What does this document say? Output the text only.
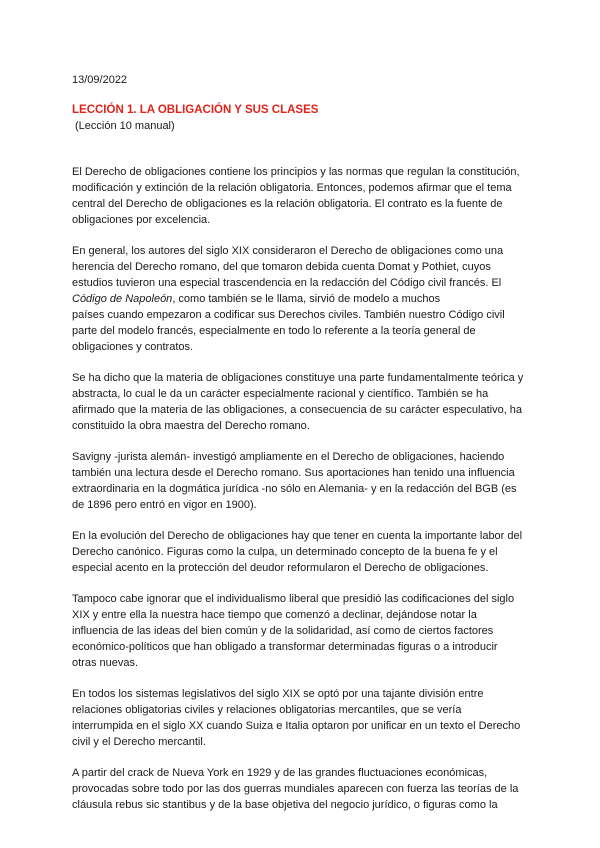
13/09/2022

LECCIÓN 1. LA OBLIGACIÓN Y SUS CLASES

(Lección 10 manual)

El Derecho de obligaciones contiene los principios y las normas que regulan la constitución,
modificación y extinción de la relación obligatoria. Entonces, podemos afirmar que el tema
central del Derecho de obligaciones es la relación obligatoria. El contrato es la fuente de
obligaciones por excelencia.
En general, los autores del siglo XIX consideraron el Derecho de obligaciones como una
herencia del Derecho romano, del que tomaron debida cuenta Domat y Pothiet, cuyos
estudios tuvieron una especial trascendencia en la redacción del Código civil francés. El
Código de Napoleón, como también se le llama, sirvió de modelo a muchos
países cuando empezaron a codificar sus Derechos civiles. También nuestro Código civil
parte del modelo francés, especialmente en todo lo referente a la teoría general de
obligaciones y contratos.
Se ha dicho que la materia de obligaciones constituye una parte fundamentalmente teórica y
abstracta, lo cual le da un carácter especialmente racional y científico. También se ha
afirmado que la materia de las obligaciones, a consecuencia de su carácter especulativo, ha
constituido la obra maestra del Derecho romano.
Savigny -jurista alemán- investigó ampliamente en el Derecho de obligaciones, haciendo
también una lectura desde el Derecho romano. Sus aportaciones han tenido una influencia
extraordinaria en la dogmática jurídica -no sólo en Alemania- y en la redacción del BGB (es
de 1896 pero entró en vigor en 1900).
En la evolución del Derecho de obligaciones hay que tener en cuenta la importante labor del
Derecho canónico. Figuras como la culpa, un determinado concepto de la buena fe y el
especial acento en la protección del deudor reformularon el Derecho de obligaciones.
Tampoco cabe ignorar que el individualismo liberal que presidió las codificaciones del siglo
XIX y entre ella la nuestra hace tiempo que comenzó a declinar, dejándose notar la
influencia de las ideas del bien común y de la solidaridad, así como de ciertos factores
económico-políticos que han obligado a transformar determinadas figuras o a introducir
otras nuevas.
En todos los sistemas legislativos del siglo XIX se optó por una tajante división entre
relaciones obligatorias civiles y relaciones obligatorias mercantiles, que se vería
interrumpida en el siglo XX cuando Suiza e Italia optaron por unificar en un texto el Derecho
civil y el Derecho mercantil.
A partir del crack de Nueva York en 1929 y de las grandes fluctuaciones económicas,
provocadas sobre todo por las dos guerras mundiales aparecen con fuerza las teorías de la
cláusula rebus sic stantibus y de la base objetiva del negocio jurídico, o figuras como la
